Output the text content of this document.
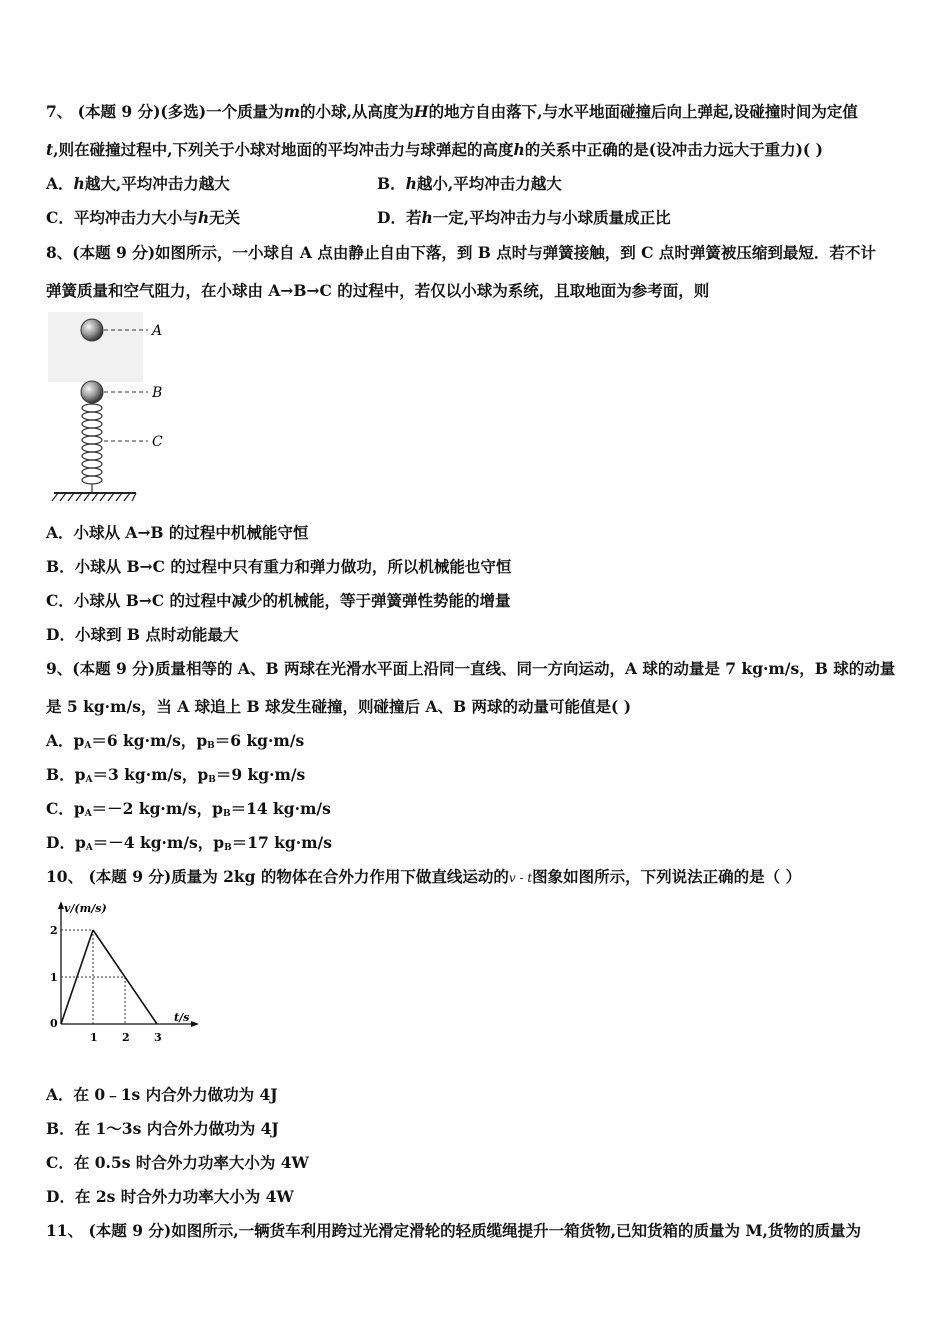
7、 (本题 9 分)(多选)一个质量为m的小球,从高度为H的地方自由落下,与水平地面碰撞后向上弹起,设碰撞时间为定值
t,则在碰撞过程中,下列关于小球对地面的平均冲击力与球弹起的高度h的关系中正确的是(设冲击力远大于重力)( )
A．h越大,平均冲击力越大	B．h越小,平均冲击力越大
C．平均冲击力大小与h无关	D．若h一定,平均冲击力与小球质量成正比
8、(本题 9 分)如图所示，一小球自 A 点由静止自由下落，到 B 点时与弹簧接触，到 C 点时弹簧被压缩到最短．若不计
弹簧质量和空气阻力，在小球由 A→B→C 的过程中，若仅以小球为系统，且取地面为参考面，则
A
B
C
A．小球从 A→B 的过程中机械能守恒
B．小球从 B→C 的过程中只有重力和弹力做功，所以机械能也守恒
C．小球从 B→C 的过程中减少的机械能，等于弹簧弹性势能的增量
D．小球到 B 点时动能最大
9、(本题 9 分)质量相等的 A、B 两球在光滑水平面上沿同一直线、同一方向运动，A 球的动量是 7 kg·m/s，B 球的动量
是 5 kg·m/s，当 A 球追上 B 球发生碰撞，则碰撞后 A、B 两球的动量可能值是( )
A．$p_A=6$ kg·m/s，$p_B=6$ kg·m/s
B．$p_A=3$ kg·m/s，$p_B=9$ kg·m/s
C．$p_A=-2$ kg·m/s，$p_B=14$ kg·m/s
D．$p_A=-4$ kg·m/s，$p_B=17$ kg·m/s
10、 (本题 9 分)质量为 2kg 的物体在合外力作用下做直线运动的v - t图象如图所示，下列说法正确的是（ ）
v/(m/s)
t/s
0
1 2 3
1
2
A．在 0﹣1s 内合外力做功为 4J
B．在 1～3s 内合外力做功为 4J
C．在 0.5s 时合外力功率大小为 4W
D．在 2s 时合外力功率大小为 4W
11、 (本题 9 分)如图所示,一辆货车利用跨过光滑定滑轮的轻质缆绳提升一箱货物,已知货箱的质量为 M,货物的质量为
